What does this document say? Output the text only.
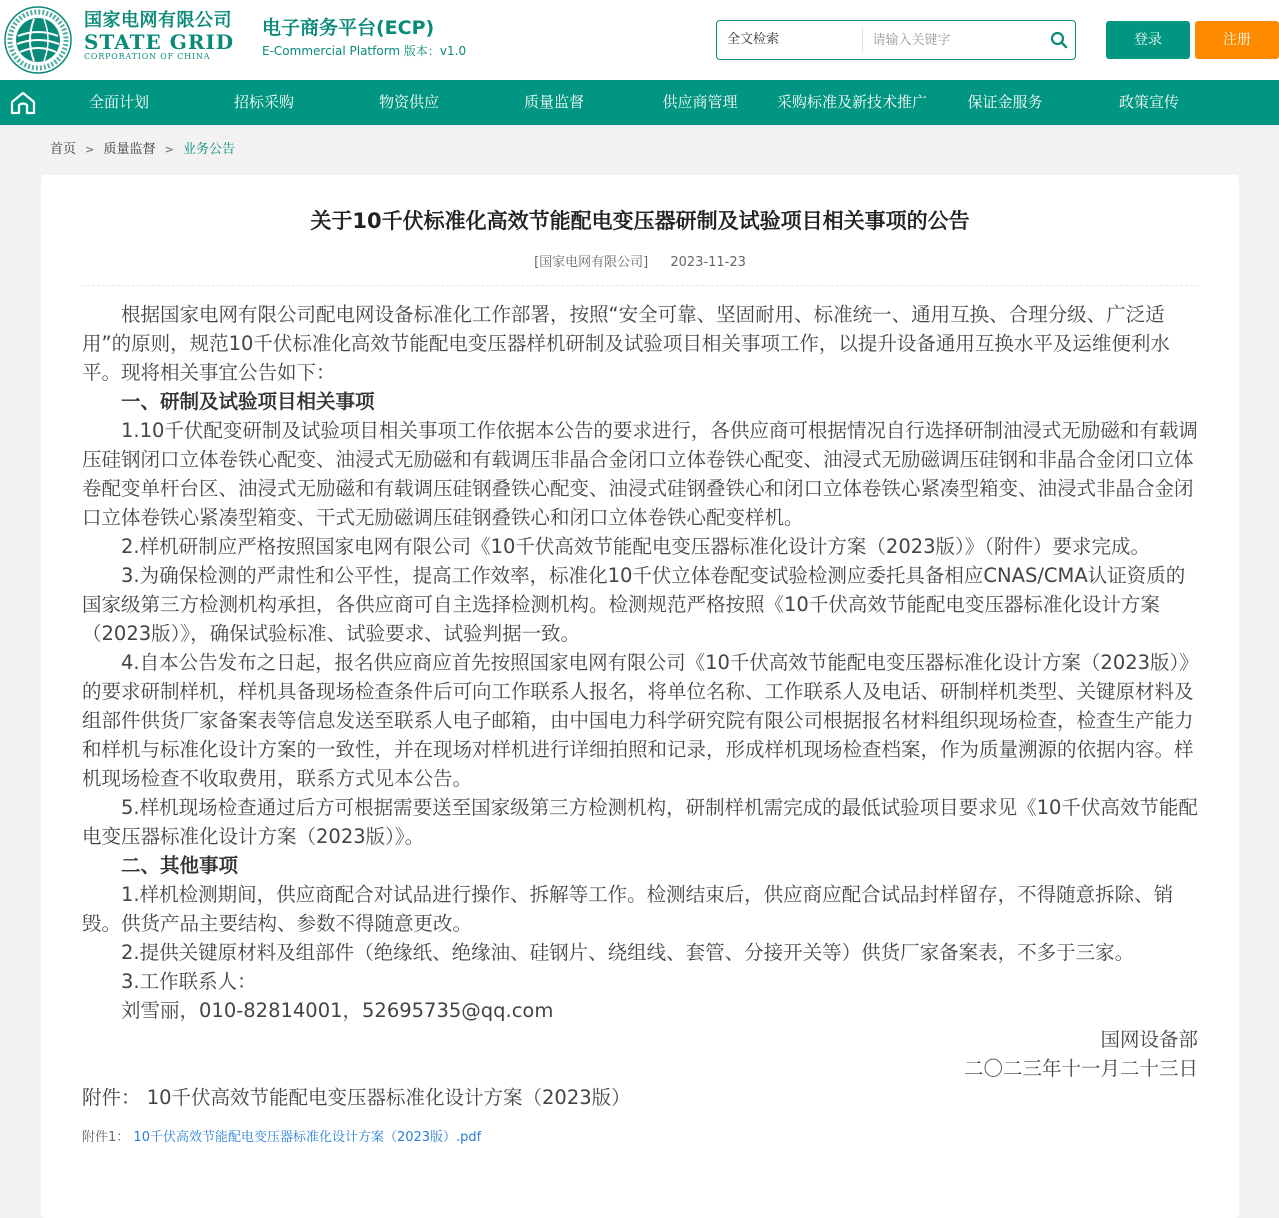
国家电网有限公司
STATE GRID
CORPORATION OF CHINA
电子商务平台(ECP)
E-Commercial Platform 版本：v1.0
全文检索
请输入关键字	登录	注册
全面计划	招标采购	物资供应	质量监督	供应商管理	采购标准及新技术推广	保证金服务	政策宣传
首页 > 质量监督 > 业务公告
关于10千伏标准化高效节能配电变压器研制及试验项目相关事项的公告
[国家电网有限公司] 2023-11-23

根据国家电网有限公司配电网设备标准化工作部署，按照“安全可靠、坚固耐用、标准统一、通用互换、合理分级、广泛适用”的原则，规范10千伏标准化高效节能配电变压器样机研制及试验项目相关事项工作，以提升设备通用互换水平及运维便利水平。现将相关事宜公告如下：

一、研制及试验项目相关事项

1.10千伏配变研制及试验项目相关事项工作依据本公告的要求进行，各供应商可根据情况自行选择研制油浸式无励磁和有载调压硅钢闭口立体卷铁心配变、油浸式无励磁和有载调压非晶合金闭口立体卷铁心配变、油浸式无励磁调压硅钢和非晶合金闭口立体卷配变单杆台区、油浸式无励磁和有载调压硅钢叠铁心配变、油浸式硅钢叠铁心和闭口立体卷铁心紧凑型箱变、油浸式非晶合金闭口立体卷铁心紧凑型箱变、干式无励磁调压硅钢叠铁心和闭口立体卷铁心配变样机。

2.样机研制应严格按照国家电网有限公司《10千伏高效节能配电变压器标准化设计方案（2023版）》（附件）要求完成。

3.为确保检测的严肃性和公平性，提高工作效率，标准化10千伏立体卷配变试验检测应委托具备相应CNAS/CMA认证资质的国家级第三方检测机构承担，各供应商可自主选择检测机构。检测规范严格按照《10千伏高效节能配电变压器标准化设计方案（2023版）》，确保试验标准、试验要求、试验判据一致。

4.自本公告发布之日起，报名供应商应首先按照国家电网有限公司《10千伏高效节能配电变压器标准化设计方案（2023版）》的要求研制样机，样机具备现场检查条件后可向工作联系人报名，将单位名称、工作联系人及电话、研制样机类型、关键原材料及组部件供货厂家备案表等信息发送至联系人电子邮箱，由中国电力科学研究院有限公司根据报名材料组织现场检查，检查生产能力和样机与标准化设计方案的一致性，并在现场对样机进行详细拍照和记录，形成样机现场检查档案，作为质量溯源的依据内容。样机现场检查不收取费用，联系方式见本公告。

5.样机现场检查通过后方可根据需要送至国家级第三方检测机构，研制样机需完成的最低试验项目要求见《10千伏高效节能配电变压器标准化设计方案（2023版）》。

二、其他事项

1.样机检测期间，供应商配合对试品进行操作、拆解等工作。检测结束后，供应商应配合试品封样留存，不得随意拆除、销毁。供货产品主要结构、参数不得随意更改。

2.提供关键原材料及组部件（绝缘纸、绝缘油、硅钢片、绕组线、套管、分接开关等）供货厂家备案表，不多于三家。

3.工作联系人：

刘雪丽，010-82814001，52695735@qq.com

国网设备部

二〇二三年十一月二十三日

附件： 10千伏高效节能配电变压器标准化设计方案（2023版）
附件1： 10千伏高效节能配电变压器标准化设计方案（2023版）.pdf
